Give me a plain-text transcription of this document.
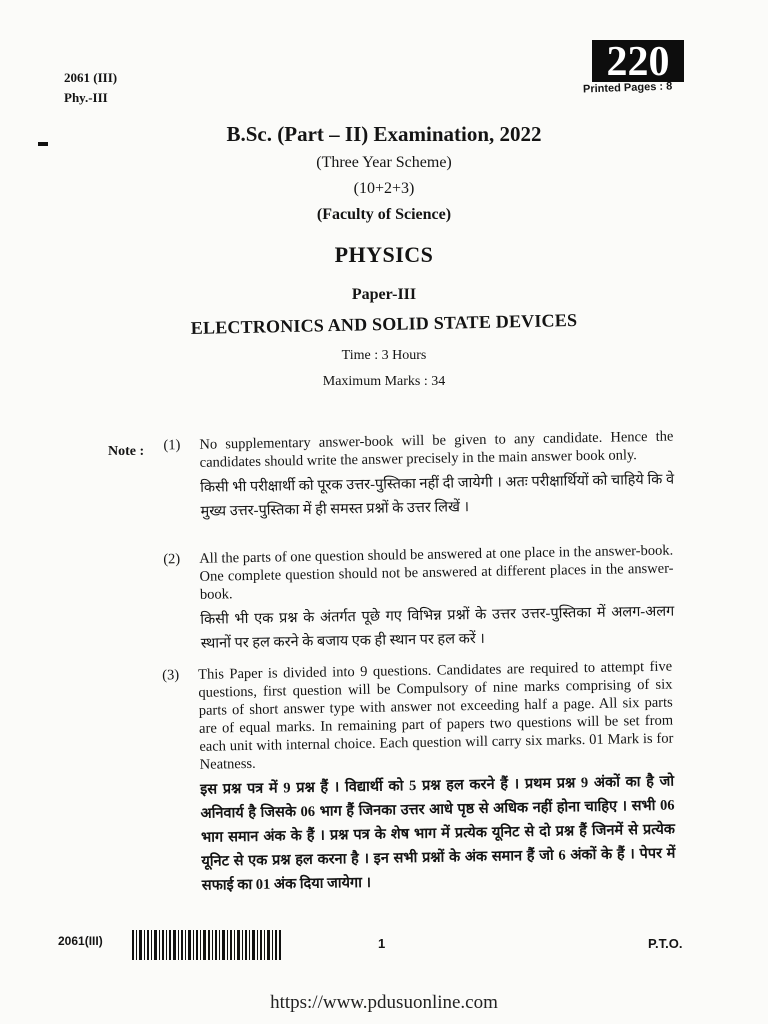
2061 (III)
Phy.-III
220
Printed Pages : 8
B.Sc. (Part – II) Examination, 2022
(Three Year Scheme)
(10+2+3)
(Faculty of Science)
PHYSICS
Paper-III
ELECTRONICS AND SOLID STATE DEVICES
Time : 3 Hours
Maximum Marks : 34
Note : (1) No supplementary answer-book will be given to any candidate. Hence the candidates should write the answer precisely in the main answer book only.
किसी भी परीक्षार्थी को पूरक उत्तर-पुस्तिका नहीं दी जायेगी । अतः परीक्षार्थियों को चाहिये कि वे मुख्य उत्तर-पुस्तिका में ही समस्त प्रश्नों के उत्तर लिखें ।
(2) All the parts of one question should be answered at one place in the answer-book. One complete question should not be answered at different places in the answer-book.
किसी भी एक प्रश्न के अंतर्गत पूछे गए विभिन्न प्रश्नों के उत्तर उत्तर-पुस्तिका में अलग-अलग स्थानों पर हल करने के बजाय एक ही स्थान पर हल करें ।
(3) This Paper is divided into 9 questions. Candidates are required to attempt five questions, first question will be Compulsory of nine marks comprising of six parts of short answer type with answer not exceeding half a page. All six parts are of equal marks. In remaining part of papers two questions will be set from each unit with internal choice. Each question will carry six marks. 01 Mark is for Neatness.
इस प्रश्न पत्र में 9 प्रश्न हैं । विद्यार्थी को 5 प्रश्न हल करने हैं । प्रथम प्रश्न 9 अंकों का है जो अनिवार्य है जिसके 06 भाग हैं जिनका उत्तर आधे पृष्ठ से अधिक नहीं होना चाहिए । सभी 06 भाग समान अंक के हैं । प्रश्न पत्र के शेष भाग में प्रत्येक यूनिट से दो प्रश्न हैं जिनमें से प्रत्येक यूनिट से एक प्रश्न हल करना है । इन सभी प्रश्नों के अंक समान हैं जो 6 अंकों के हैं । पेपर में सफाई का 01 अंक दिया जायेगा ।
2061(III)	1	P.T.O.
https://www.pdusuonline.com
